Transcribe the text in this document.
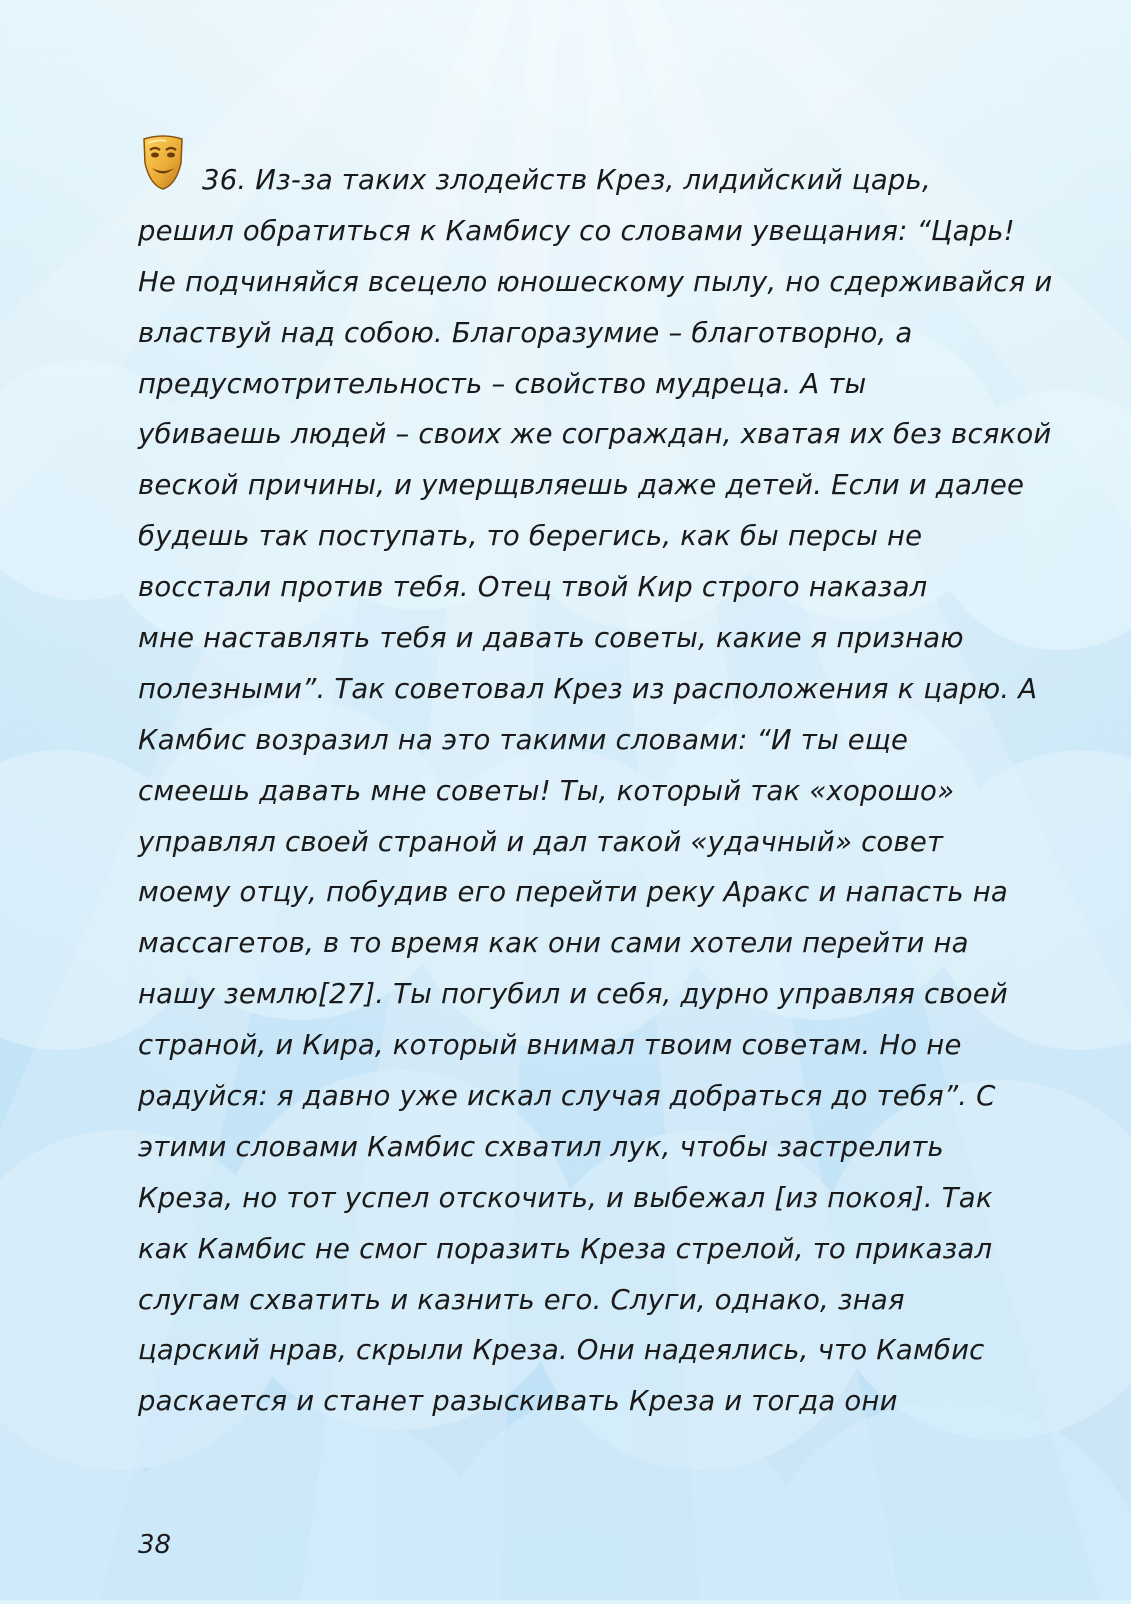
36. Из-за таких злодейств Крез, лидийский царь,
решил обратиться к Камбису со словами увещания: “Царь!
Не подчиняйся всецело юношескому пылу, но сдерживайся и
властвуй над собою. Благоразумие – благотворно, а
предусмотрительность – свойство мудреца. А ты
убиваешь людей – своих же сограждан, хватая их без всякой
веской причины, и умерщвляешь даже детей. Если и далее
будешь так поступать, то берегись, как бы персы не
восстали против тебя. Отец твой Кир строго наказал
мне наставлять тебя и давать советы, какие я признаю
полезными”. Так советовал Крез из расположения к царю. А
Камбис возразил на это такими словами: “И ты еще
смеешь давать мне советы! Ты, который так «хорошо»
управлял своей страной и дал такой «удачный» совет
моему отцу, побудив его перейти реку Аракс и напасть на
массагетов, в то время как они сами хотели перейти на
нашу землю[27]. Ты погубил и себя, дурно управляя своей
страной, и Кира, который внимал твоим советам. Но не
радуйся: я давно уже искал случая добраться до тебя”. С
этими словами Камбис схватил лук, чтобы застрелить
Креза, но тот успел отскочить, и выбежал [из покоя]. Так
как Камбис не смог поразить Креза стрелой, то приказал
слугам схватить и казнить его. Слуги, однако, зная
царский нрав, скрыли Креза. Они надеялись, что Камбис
раскается и станет разыскивать Креза и тогда они
38
